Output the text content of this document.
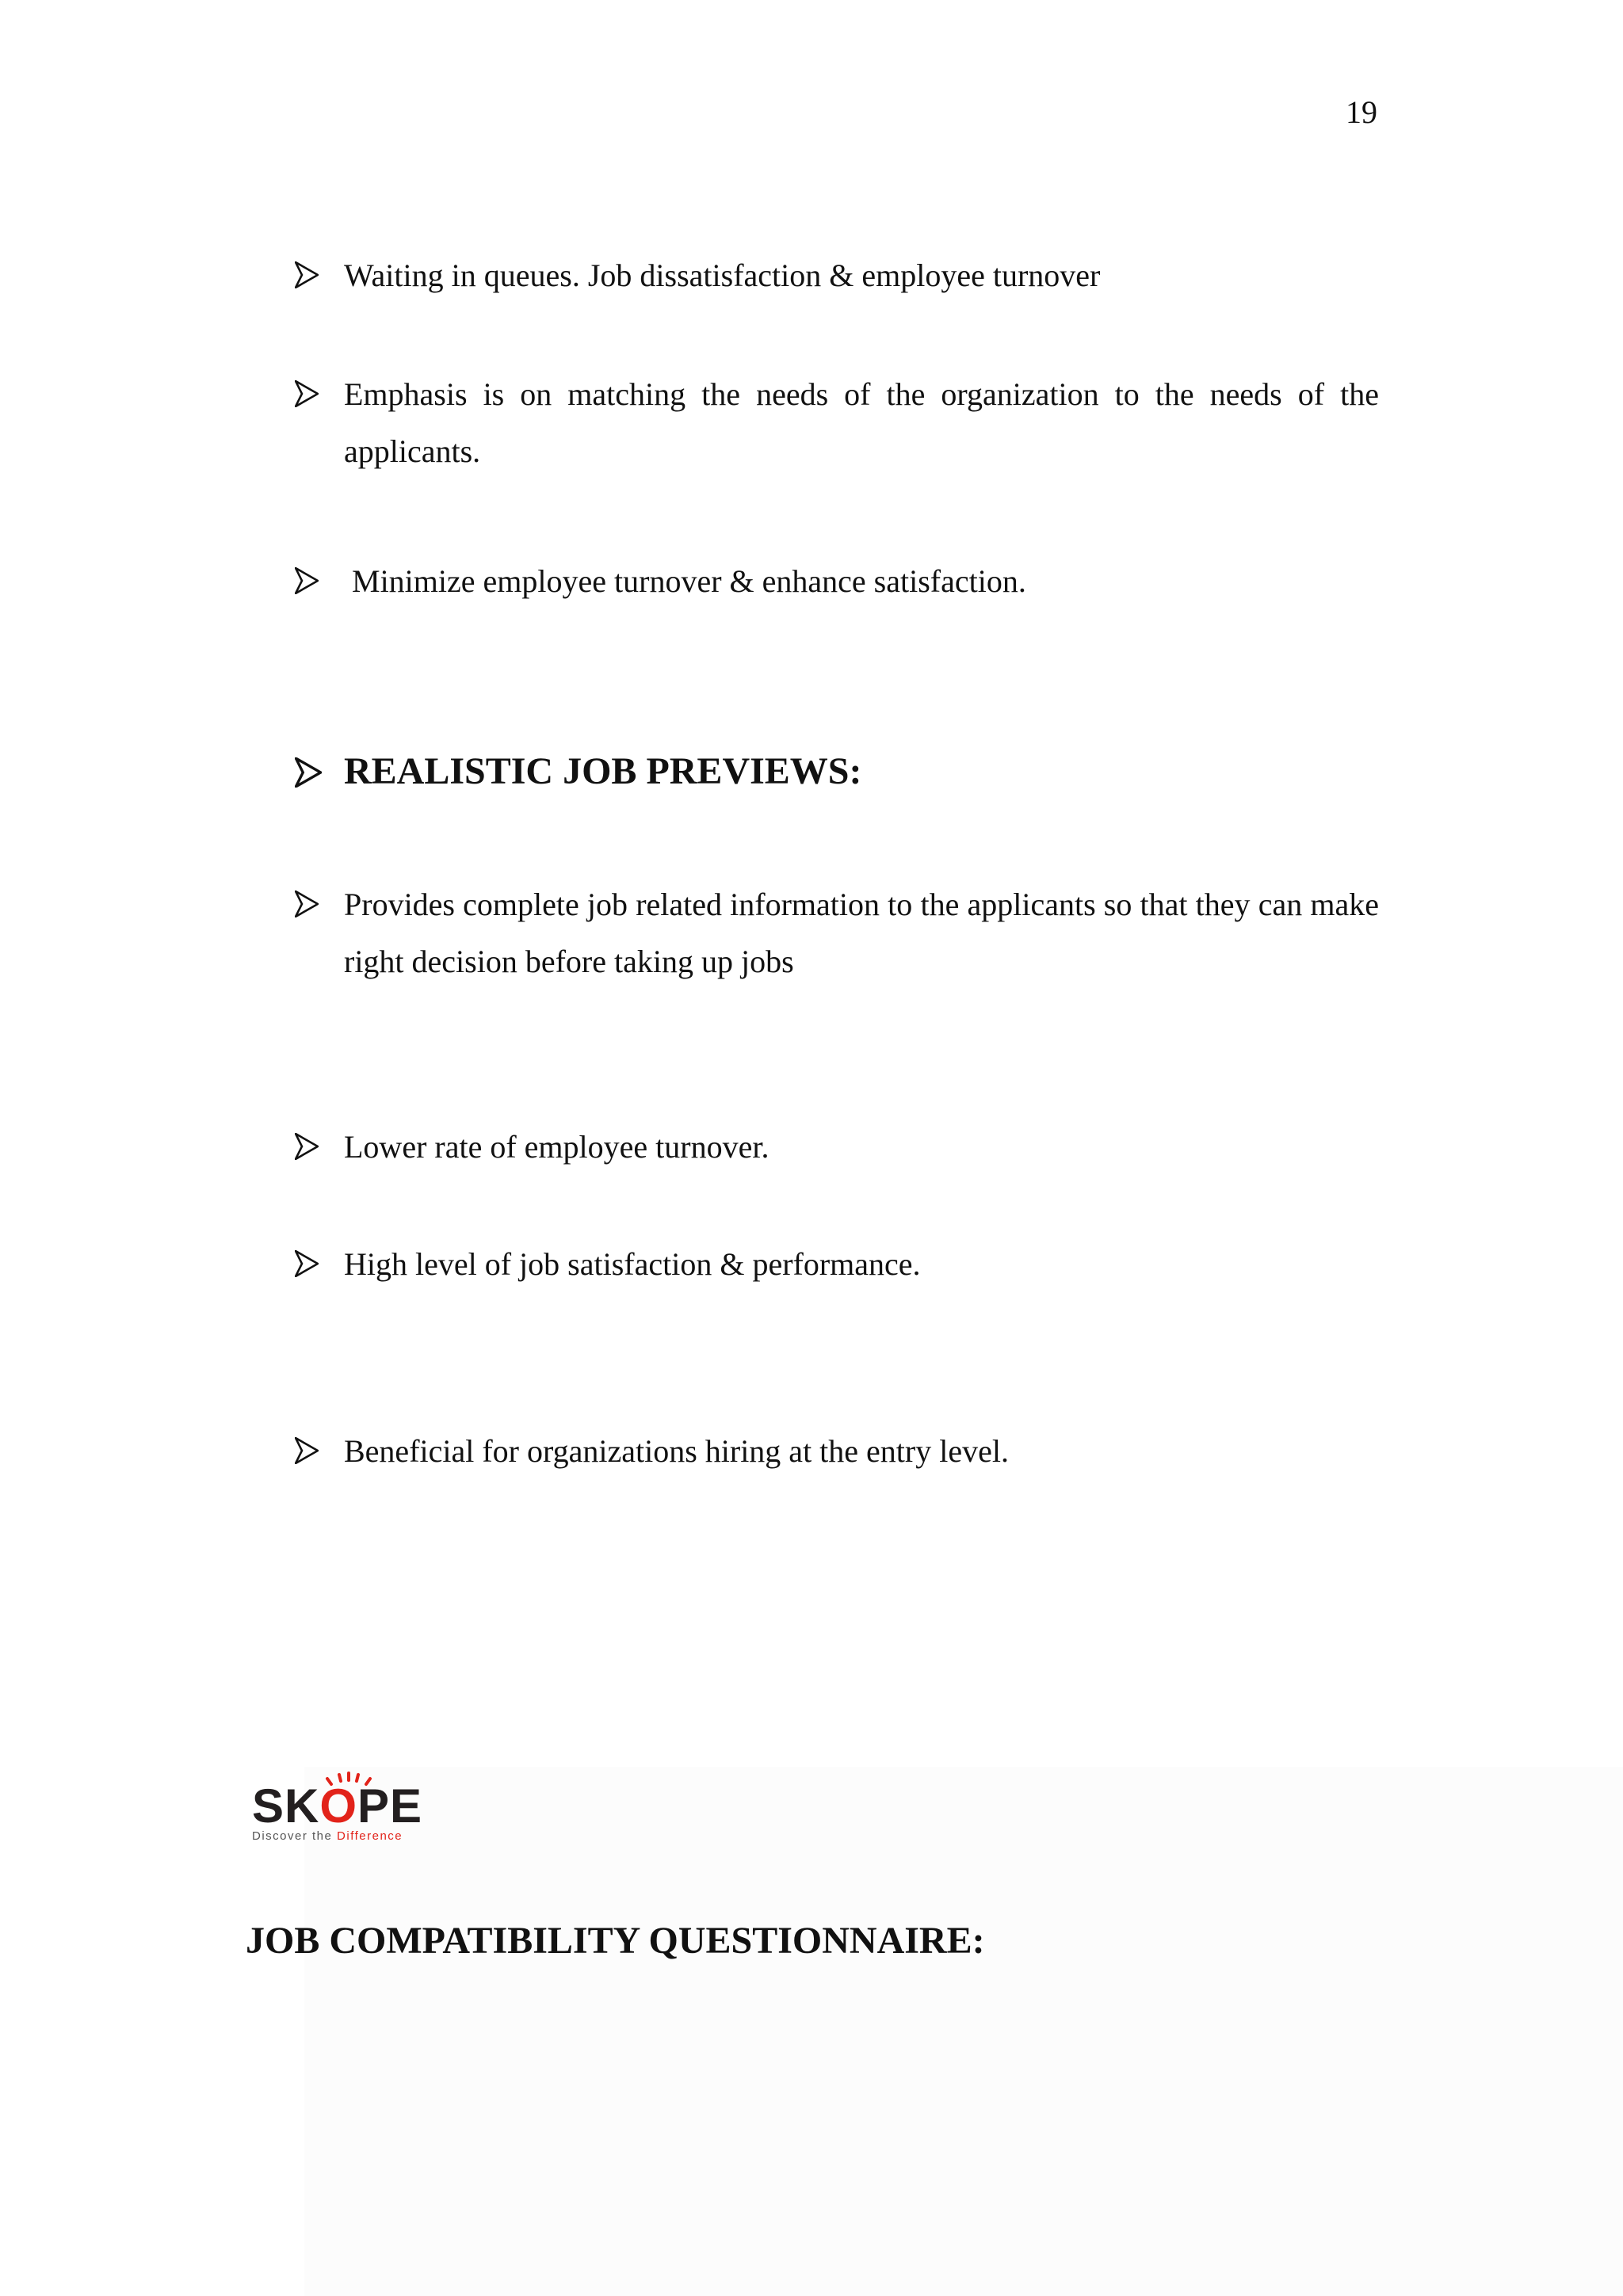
19
Waiting in queues. Job dissatisfaction & employee turnover
Emphasis is on matching the needs of the organization to the needs of the applicants.
Minimize employee turnover & enhance satisfaction.
REALISTIC JOB PREVIEWS:
Provides complete job related information to the applicants so that they can make right decision before taking up jobs
Lower rate of employee turnover.
High level of job satisfaction & performance.
Beneficial for organizations hiring at the entry level.
SKOPE
Discover the Difference
JOB COMPATIBILITY QUESTIONNAIRE:
